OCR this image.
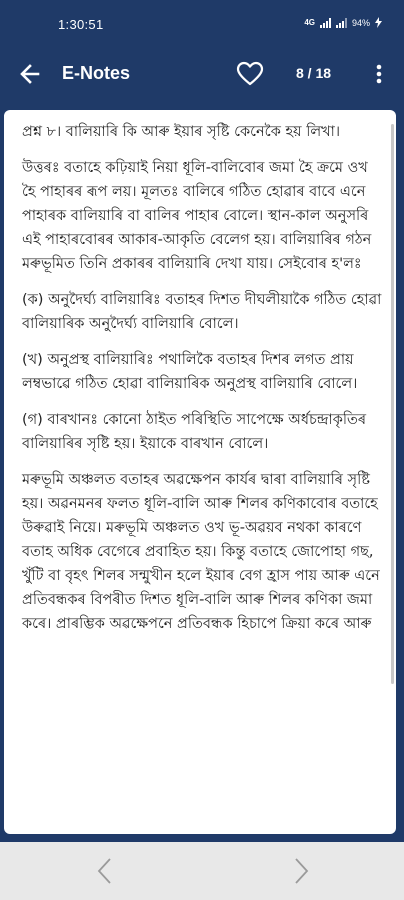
1:30:51	4G	94%
E-Notes	8 / 18

প্ৰশ্ন ৮। বালিয়াৰি কি আৰু ইয়াৰ সৃষ্টি কেনেকৈ হয় লিখা।

উত্তৰঃ বতাহে কঢ়িয়াই নিয়া ধূলি-বালিবোৰ জমা হৈ ক্ৰমে ওখ হৈ পাহাৰৰ ৰূপ লয়। মূলতঃ বালিৰে গঠিত হোৱাৰ বাবে এনে পাহাৰক বালিয়াৰি বা বালিৰ পাহাৰ বোলে। স্থান-কাল অনুসৰি এই পাহাৰবোৰৰ আকাৰ-আকৃতি বেলেগ হয়। বালিয়াৰিৰ গঠন মৰুভূমিত তিনি প্ৰকাৰৰ বালিয়াৰি দেখা যায়। সেইবোৰ হ'লঃ

(ক) অনুদৈৰ্ঘ্য বালিয়াৰিঃ বতাহৰ দিশত দীঘলীয়াকৈ গঠিত হোৱা বালিয়াৰিক অনুদৈৰ্ঘ্য বালিয়াৰি বোলে।

(খ) অনুপ্ৰস্থ বালিয়াৰিঃ পথালিকৈ বতাহৰ দিশৰ লগত প্ৰায় লম্বভাৱে গঠিত হোৱা বালিয়াৰিক অনুপ্ৰস্থ বালিয়াৰি বোলে।

(গ) বাৰখানঃ কোনো ঠাইত পৰিস্থিতি সাপেক্ষে অৰ্ধচন্দ্ৰাকৃতিৰ বালিয়াৰিৰ সৃষ্টি হয়। ইয়াকে বাৰখান বোলে।

মৰুভূমি অঞ্চলত বতাহৰ অৱক্ষেপন কাৰ্যৰ দ্বাৰা বালিয়াৰি সৃষ্টি হয়। অৱনমনৰ ফলত ধূলি-বালি আৰু শিলৰ কণিকাবোৰ বতাহে উৰুৱাই নিয়ে। মৰুভূমি অঞ্চলত ওখ ভূ-অৱয়ব নথকা কাৰণে বতাহ অধিক বেগেৰে প্ৰবাহিত হয়। কিন্তু বতাহে জোপোহা গছ, খুঁটি বা বৃহৎ শিলৰ সন্মুখীন হলে ইয়াৰ বেগ হ্ৰাস পায় আৰু এনে প্ৰতিবন্ধকৰ বিপৰীত দিশত ধূলি-বালি আৰু শিলৰ কণিকা জমা কৰে। প্ৰাৰম্ভিক অৱক্ষেপনে প্ৰতিবন্ধক হিচাপে ক্ৰিয়া কৰে আৰু
